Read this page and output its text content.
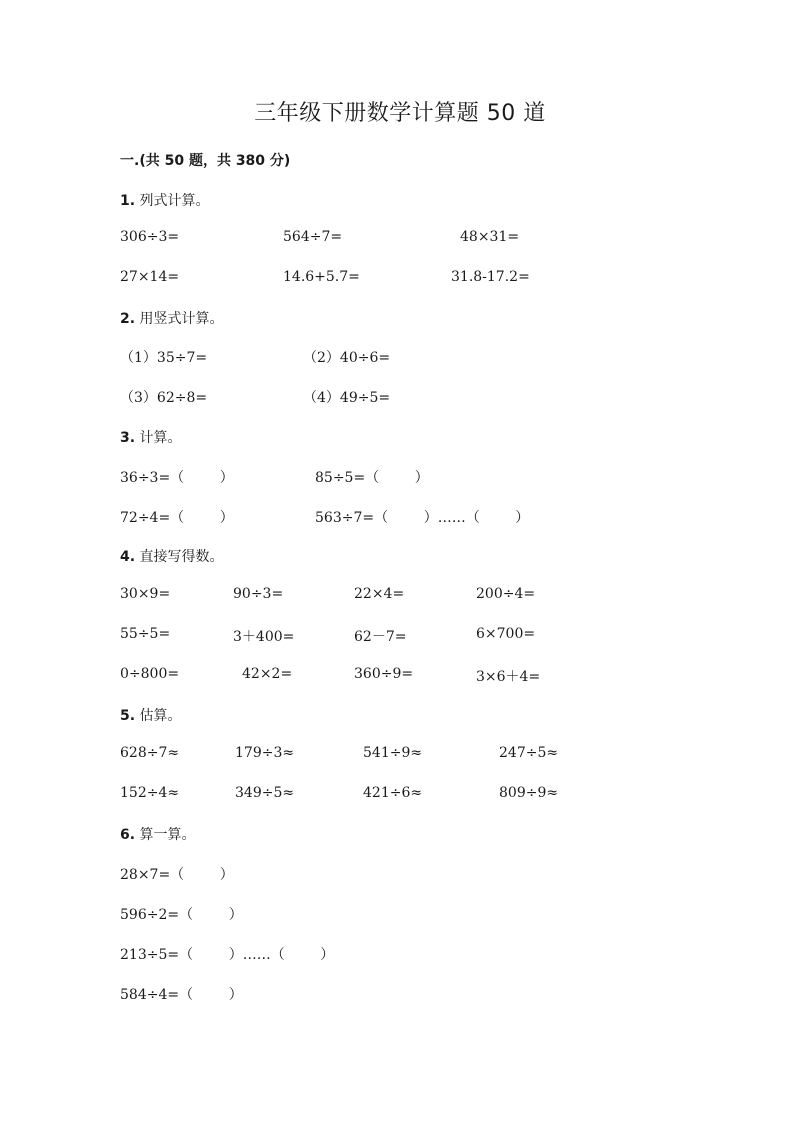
三年级下册数学计算题 50 道
一.(共 50 题，共 380 分)
1. 列式计算。
306÷3=	564÷7=	48×31=
27×14=	14.6+5.7=	31.8-17.2=
2. 用竖式计算。
（1）35÷7=	（2）40÷6=
（3）62÷8=	（4）49÷5=
3. 计算。
36÷3=（        ）	85÷5=（        ）
72÷4=（        ）	563÷7=（        ）……（        ）
4. 直接写得数。
30×9=	90÷3=	22×4=	200÷4=
55÷5=	3＋400=	62－7=	6×700=
0÷800=	42×2=	360÷9=	3×6＋4=
5. 估算。
628÷7≈	179÷3≈	541÷9≈	247÷5≈
152÷4≈	349÷5≈	421÷6≈	809÷9≈
6. 算一算。
28×7=（        ）
596÷2=（        ）
213÷5=（        ）……（        ）
584÷4=（        ）
